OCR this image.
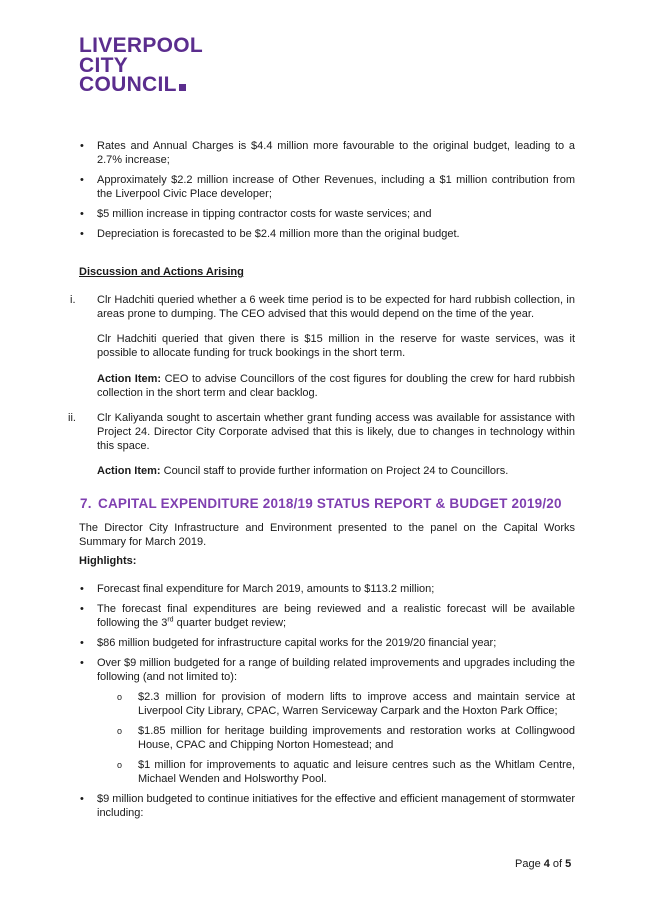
LIVERPOOL
CITY
COUNCIL
• Rates and Annual Charges is $4.4 million more favourable to the original budget, leading to a 2.7% increase;
• Approximately $2.2 million increase of Other Revenues, including a $1 million contribution from the Liverpool Civic Place developer;
• $5 million increase in tipping contractor costs for waste services; and
• Depreciation is forecasted to be $2.4 million more than the original budget.
Discussion and Actions Arising
i. Clr Hadchiti queried whether a 6 week time period is to be expected for hard rubbish collection, in areas prone to dumping. The CEO advised that this would depend on the time of the year.
Clr Hadchiti queried that given there is $15 million in the reserve for waste services, was it possible to allocate funding for truck bookings in the short term.
Action Item: CEO to advise Councillors of the cost figures for doubling the crew for hard rubbish collection in the short term and clear backlog.
ii. Clr Kaliyanda sought to ascertain whether grant funding access was available for assistance with Project 24. Director City Corporate advised that this is likely, due to changes in technology within this space.
Action Item: Council staff to provide further information on Project 24 to Councillors.
7. CAPITAL EXPENDITURE 2018/19 STATUS REPORT & BUDGET 2019/20
The Director City Infrastructure and Environment presented to the panel on the Capital Works Summary for March 2019.
Highlights:
• Forecast final expenditure for March 2019, amounts to $113.2 million;
• The forecast final expenditures are being reviewed and a realistic forecast will be available following the 3rd quarter budget review;
• $86 million budgeted for infrastructure capital works for the 2019/20 financial year;
• Over $9 million budgeted for a range of building related improvements and upgrades including the following (and not limited to):
o $2.3 million for provision of modern lifts to improve access and maintain service at Liverpool City Library, CPAC, Warren Serviceway Carpark and the Hoxton Park Office;
o $1.85 million for heritage building improvements and restoration works at Collingwood House, CPAC and Chipping Norton Homestead; and
o $1 million for improvements to aquatic and leisure centres such as the Whitlam Centre, Michael Wenden and Holsworthy Pool.
• $9 million budgeted to continue initiatives for the effective and efficient management of stormwater including:
Page 4 of 5
